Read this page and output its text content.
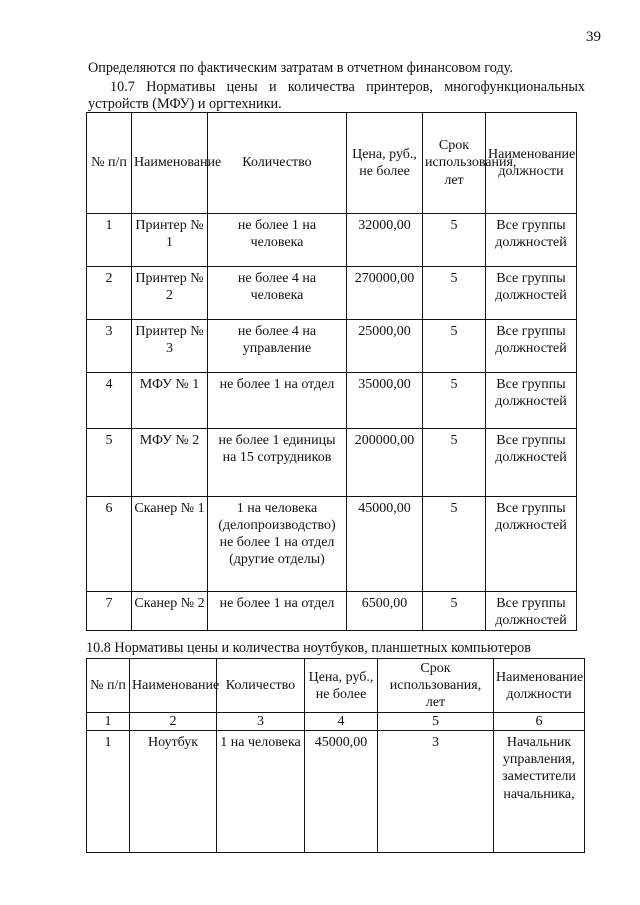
39
Определяются по фактическим затратам в отчетном финансовом году.
10.7 Нормативы цены и количества принтеров, многофункциональных устройств (МФУ) и оргтехники.
№ п/п	Наименование	Количество	Цена, руб., не более	Срок использования, лет	Наименование должности
1	Принтер № 1	не более 1 на человека	32000,00	5	Все группы должностей
2	Принтер № 2	не более 4 на человека	270000,00	5	Все группы должностей
3	Принтер № 3	не более 4 на управление	25000,00	5	Все группы должностей
4	МФУ № 1	не более 1 на отдел	35000,00	5	Все группы должностей
5	МФУ № 2	не более 1 единицы на 15 сотрудников	200000,00	5	Все группы должностей
6	Сканер № 1	1 на человека (делопроизводство) не более 1 на отдел (другие отделы)	45000,00	5	Все группы должностей
7	Сканер № 2	не более 1 на отдел	6500,00	5	Все группы должностей
10.8 Нормативы цены и количества ноутбуков, планшетных компьютеров
№ п/п	Наименование	Количество	Цена, руб., не более	Срок использования, лет	Наименование должности
1	2	3	4	5	6
1	Ноутбук	1 на человека	45000,00	3	Начальник управления, заместители начальника,
